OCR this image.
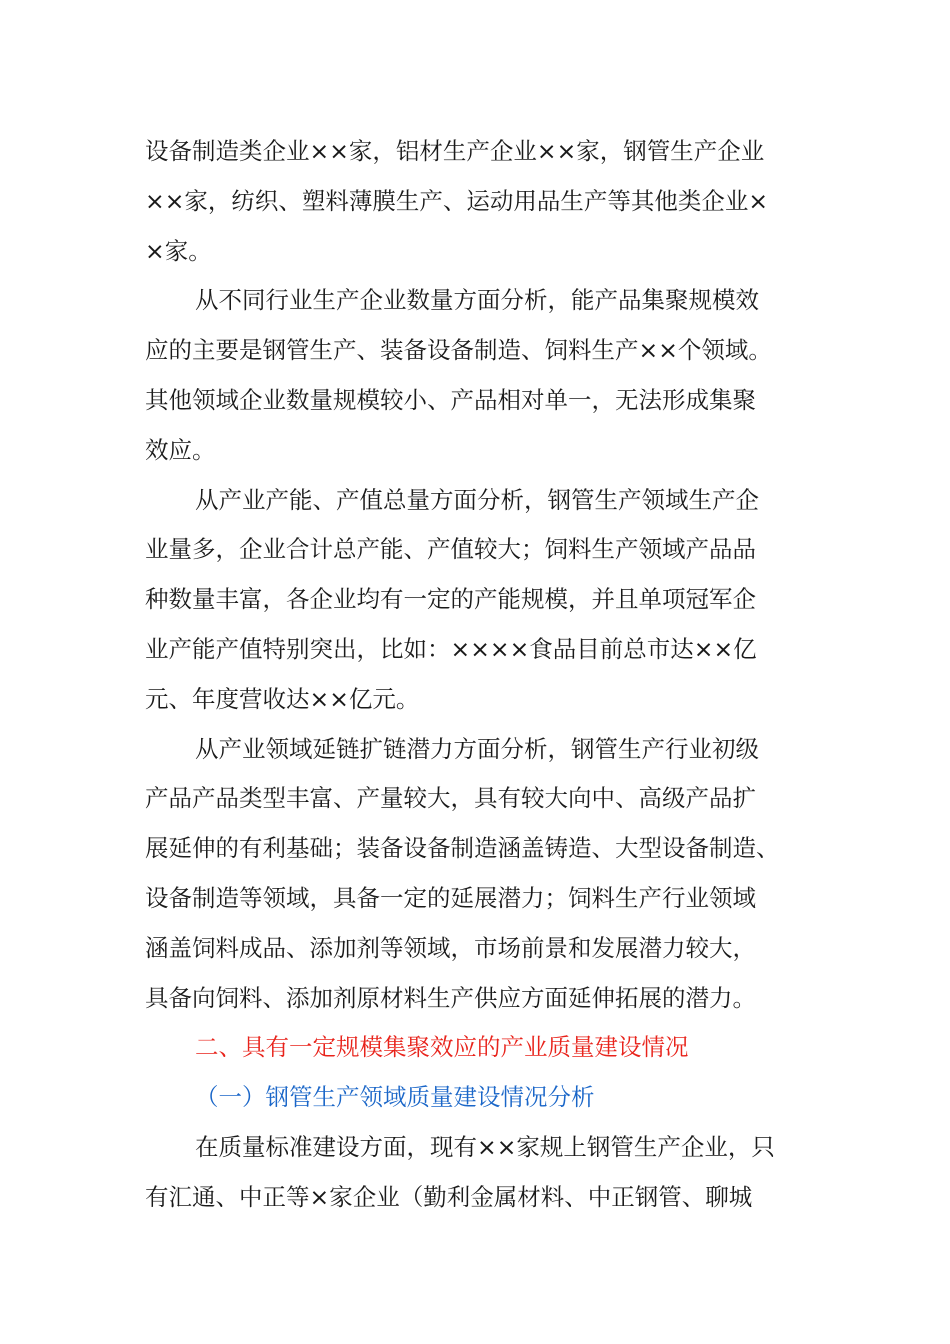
设备制造类企业××家，铝材生产企业××家，钢管生产企业
××家，纺织、塑料薄膜生产、运动用品生产等其他类企业×
×家。
从不同行业生产企业数量方面分析，能产品集聚规模效
应的主要是钢管生产、装备设备制造、饲料生产××个领域。
其他领域企业数量规模较小、产品相对单一，无法形成集聚
效应。
从产业产能、产值总量方面分析，钢管生产领域生产企
业量多，企业合计总产能、产值较大；饲料生产领域产品品
种数量丰富，各企业均有一定的产能规模，并且单项冠军企
业产能产值特别突出，比如：××××食品目前总市达××亿
元、年度营收达××亿元。
从产业领域延链扩链潜力方面分析，钢管生产行业初级
产品产品类型丰富、产量较大，具有较大向中、高级产品扩
展延伸的有利基础；装备设备制造涵盖铸造、大型设备制造、
设备制造等领域，具备一定的延展潜力；饲料生产行业领域
涵盖饲料成品、添加剂等领域，市场前景和发展潜力较大，
具备向饲料、添加剂原材料生产供应方面延伸拓展的潜力。
二、具有一定规模集聚效应的产业质量建设情况
（一）钢管生产领域质量建设情况分析
在质量标准建设方面，现有××家规上钢管生产企业，只
有汇通、中正等×家企业（勤利金属材料、中正钢管、聊城
